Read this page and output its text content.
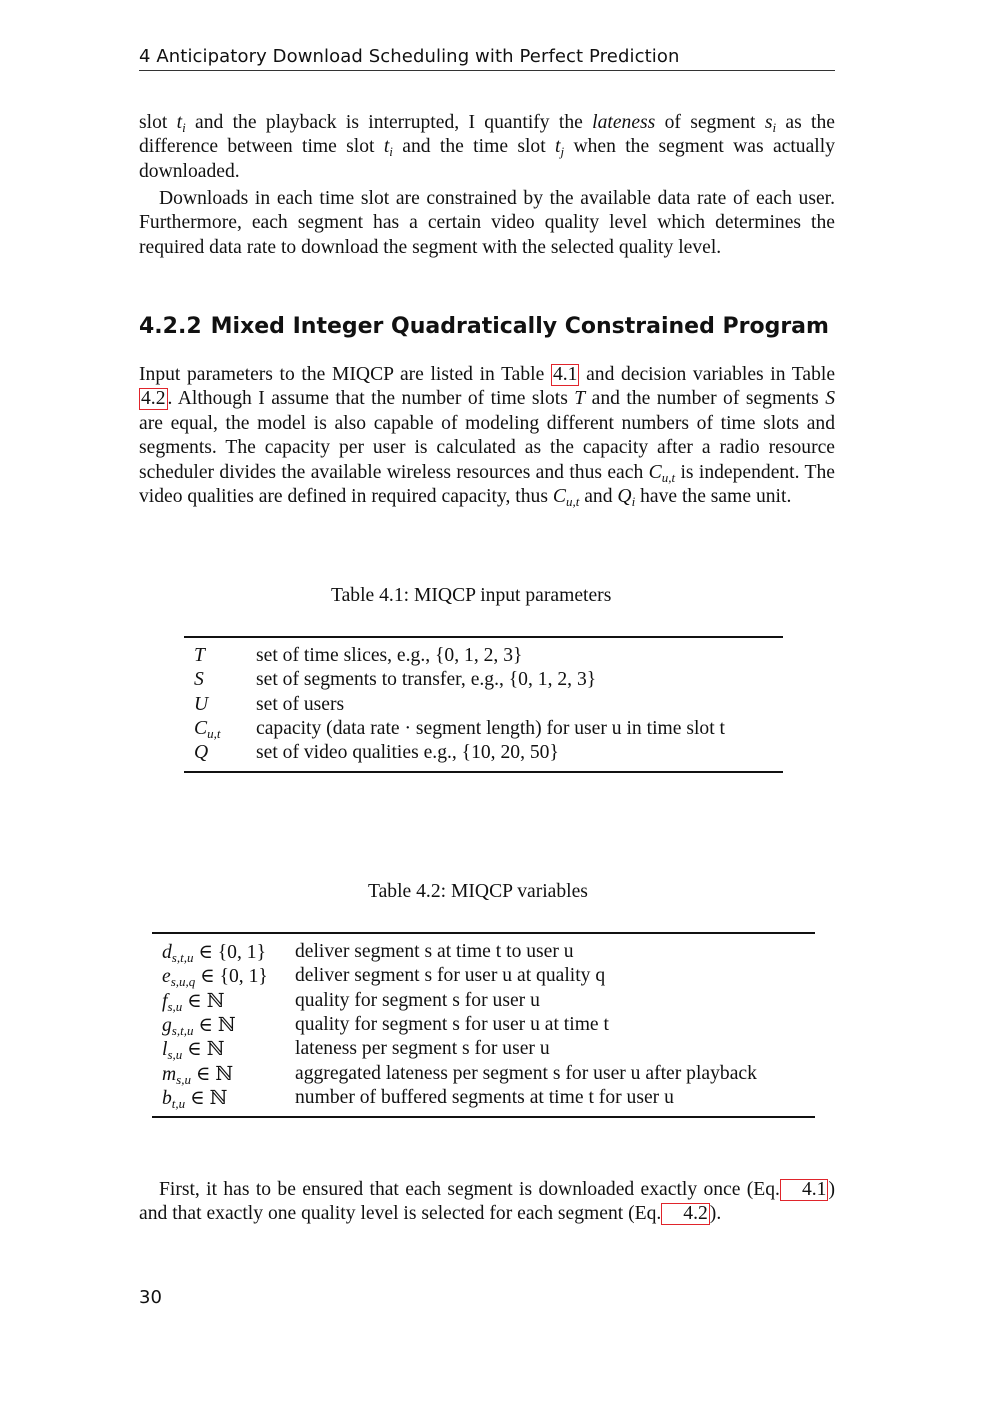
4 Anticipatory Download Scheduling with Perfect Prediction
slot $t_i$ and the playback is interrupted, I quantify the lateness of segment $s_i$ as the difference between time slot $t_i$ and the time slot $t_j$ when the segment was actually downloaded.
Downloads in each time slot are constrained by the available data rate of each user. Furthermore, each segment has a certain video quality level which determines the required data rate to download the segment with the selected quality level.
4.2.2 Mixed Integer Quadratically Constrained Program
Input parameters to the MIQCP are listed in Table 4.1 and decision variables in Table 4.2 . Although I assume that the number of time slots T and the number of segments S are equal, the model is also capable of modeling different numbers of time slots and segments. The capacity per user is calculated as the capacity after a radio resource scheduler divides the available wireless resources and thus each $C_{u,t}$ is independent. The video qualities are defined in required capacity, thus $C_{u,t}$ and $Q_i$ have the same unit.
Table 4.1: MIQCP input parameters

T	set of time slices, e.g., {0, 1, 2, 3}
S	set of segments to transfer, e.g., {0, 1, 2, 3}
U	set of users
$C_{u,t}$	capacity (data rate · segment length) for user u in time slot t
Q	set of video qualities e.g., {10, 20, 50}

Table 4.2: MIQCP variables

$d_{s,t,u}$ ∈ {0, 1}	deliver segment s at time t to user u
$e_{s,u,q}$ ∈ {0, 1}	deliver segment s for user u at quality q
$f_{s,u}$ ∈ ℕ	quality for segment s for user u
$g_{s,t,u}$ ∈ ℕ	quality for segment s for user u at time t
$l_{s,u}$ ∈ ℕ	lateness per segment s for user u
$m_{s,u}$ ∈ ℕ	aggregated lateness per segment s for user u after playback
$b_{t,u}$ ∈ ℕ	number of buffered segments at time t for user u

First, it has to be ensured that each segment is downloaded exactly once (Eq. 4.1 ) and that exactly one quality level is selected for each segment (Eq. 4.2 ).
30
